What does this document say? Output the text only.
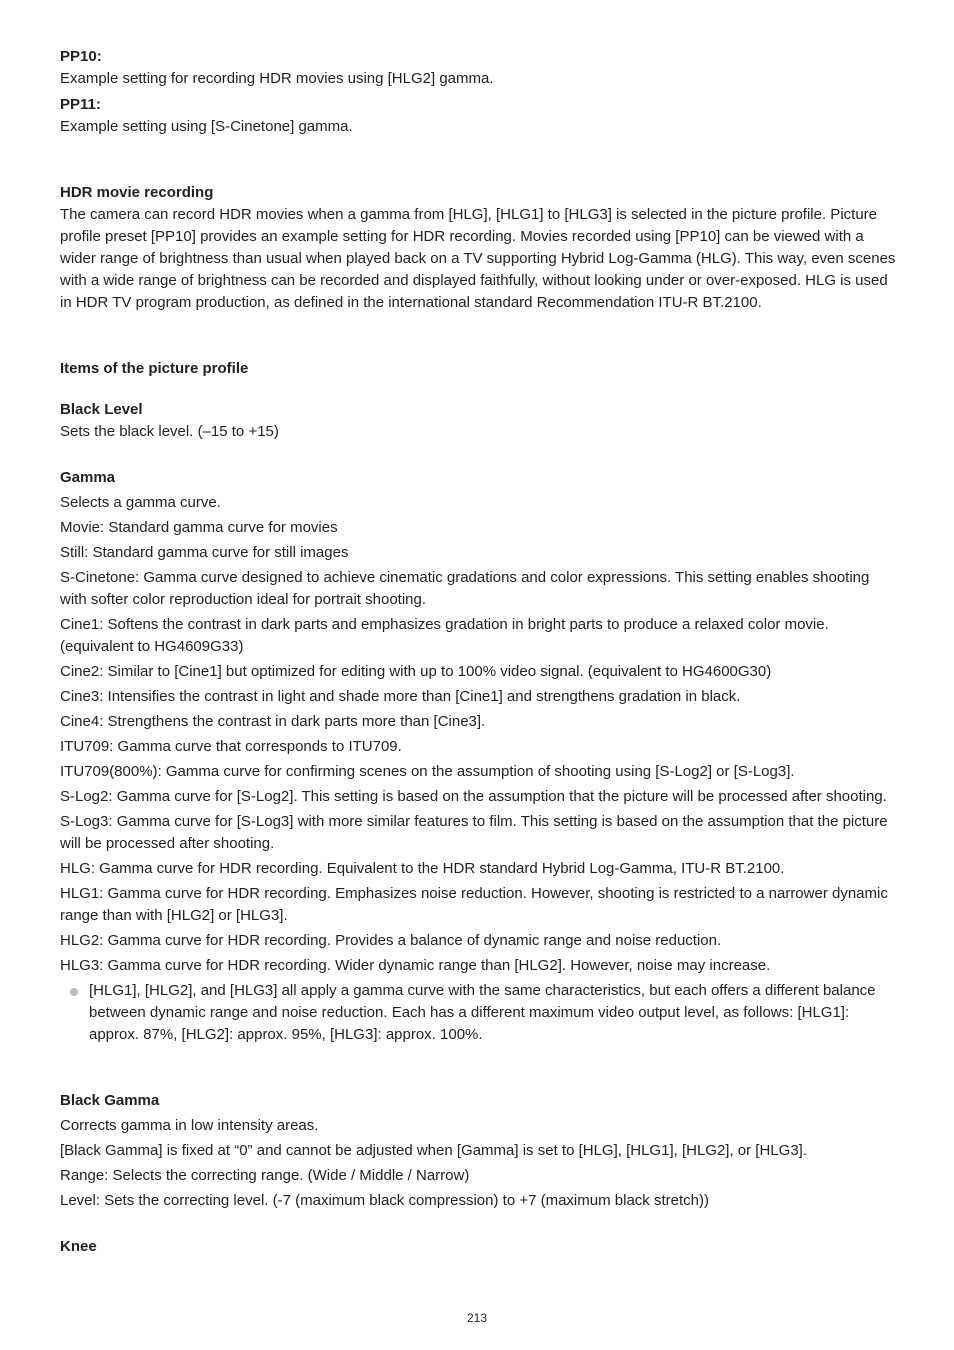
PP10:

Example setting for recording HDR movies using [HLG2] gamma.

PP11:

Example setting using [S-Cinetone] gamma.

HDR movie recording

The camera can record HDR movies when a gamma from [HLG], [HLG1] to [HLG3] is selected in the picture profile. Picture profile preset [PP10] provides an example setting for HDR recording. Movies recorded using [PP10] can be viewed with a wider range of brightness than usual when played back on a TV supporting Hybrid Log-Gamma (HLG). This way, even scenes with a wide range of brightness can be recorded and displayed faithfully, without looking under or over-exposed. HLG is used in HDR TV program production, as defined in the international standard Recommendation ITU-R BT.2100.

Items of the picture profile

Black Level

Sets the black level. (–15 to +15)

Gamma

Selects a gamma curve.

Movie: Standard gamma curve for movies

Still: Standard gamma curve for still images

S-Cinetone: Gamma curve designed to achieve cinematic gradations and color expressions. This setting enables shooting with softer color reproduction ideal for portrait shooting.

Cine1: Softens the contrast in dark parts and emphasizes gradation in bright parts to produce a relaxed color movie. (equivalent to HG4609G33)

Cine2: Similar to [Cine1] but optimized for editing with up to 100% video signal. (equivalent to HG4600G30)

Cine3: Intensifies the contrast in light and shade more than [Cine1] and strengthens gradation in black.

Cine4: Strengthens the contrast in dark parts more than [Cine3].

ITU709: Gamma curve that corresponds to ITU709.

ITU709(800%): Gamma curve for confirming scenes on the assumption of shooting using [S-Log2] or [S-Log3].

S-Log2: Gamma curve for [S-Log2]. This setting is based on the assumption that the picture will be processed after shooting.

S-Log3: Gamma curve for [S-Log3] with more similar features to film. This setting is based on the assumption that the picture will be processed after shooting.

HLG: Gamma curve for HDR recording. Equivalent to the HDR standard Hybrid Log-Gamma, ITU-R BT.2100.

HLG1: Gamma curve for HDR recording. Emphasizes noise reduction. However, shooting is restricted to a narrower dynamic range than with [HLG2] or [HLG3].

HLG2: Gamma curve for HDR recording. Provides a balance of dynamic range and noise reduction.

HLG3: Gamma curve for HDR recording. Wider dynamic range than [HLG2]. However, noise may increase.

[HLG1], [HLG2], and [HLG3] all apply a gamma curve with the same characteristics, but each offers a different balance between dynamic range and noise reduction. Each has a different maximum video output level, as follows: [HLG1]: approx. 87%, [HLG2]: approx. 95%, [HLG3]: approx. 100%.

Black Gamma

Corrects gamma in low intensity areas.

[Black Gamma] is fixed at “0” and cannot be adjusted when [Gamma] is set to [HLG], [HLG1], [HLG2], or [HLG3].

Range: Selects the correcting range. (Wide / Middle / Narrow)

Level: Sets the correcting level. (-7 (maximum black compression) to +7 (maximum black stretch))

Knee

213
